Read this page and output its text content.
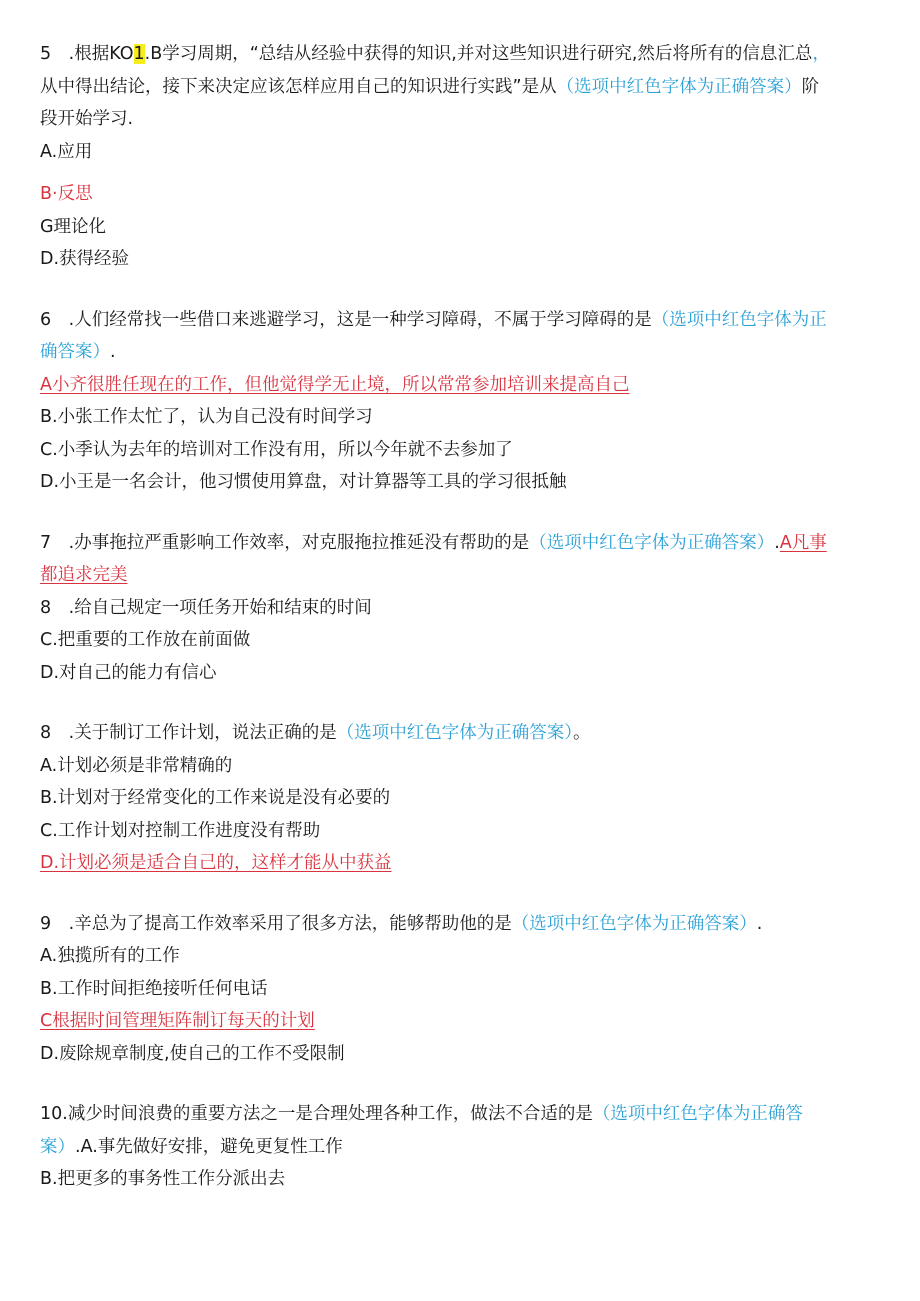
5　.根据KO1.B学习周期，“总结从经验中获得的知识,并对这些知识进行研究,然后将所有的信息汇总，
从中得出结论，接下来决定应该怎样应用自己的知识进行实践”是从（选项中红色字体为正确答案）阶
段开始学习.
A.应用
B·反思
G理论化
D.获得经验
6　.人们经常找一些借口来逃避学习，这是一种学习障碍，不属于学习障碍的是（选项中红色字体为正
确答案）.
A小齐很胜任现在的工作，但他觉得学无止境，所以常常参加培训来提高自己
B.小张工作太忙了，认为自己没有时间学习
C.小季认为去年的培训对工作没有用，所以今年就不去参加了
D.小王是一名会计，他习惯使用算盘，对计算器等工具的学习很抵触
7　.办事拖拉严重影响工作效率，对克服拖拉推延没有帮助的是（选项中红色字体为正确答案）.A凡事
都追求完美
8　.给自己规定一项任务开始和结束的时间
C.把重要的工作放在前面做
D.对自己的能力有信心
8　.关于制订工作计划，说法正确的是（选项中红色字体为正确答案）。
A.计划必须是非常精确的
B.计划对于经常变化的工作来说是没有必要的
C.工作计划对控制工作进度没有帮助
D.计划必须是适合自己的，这样才能从中获益
9　.辛总为了提高工作效率采用了很多方法，能够帮助他的是（选项中红色字体为正确答案）.
A.独揽所有的工作
B.工作时间拒绝接听任何电话
C根据时间管理矩阵制订每天的计划
D.废除规章制度,使自己的工作不受限制
10.减少时间浪费的重要方法之一是合理处理各种工作，做法不合适的是（选项中红色字体为正确答
案）.A.事先做好安排，避免更复性工作
B.把更多的事务性工作分派出去
